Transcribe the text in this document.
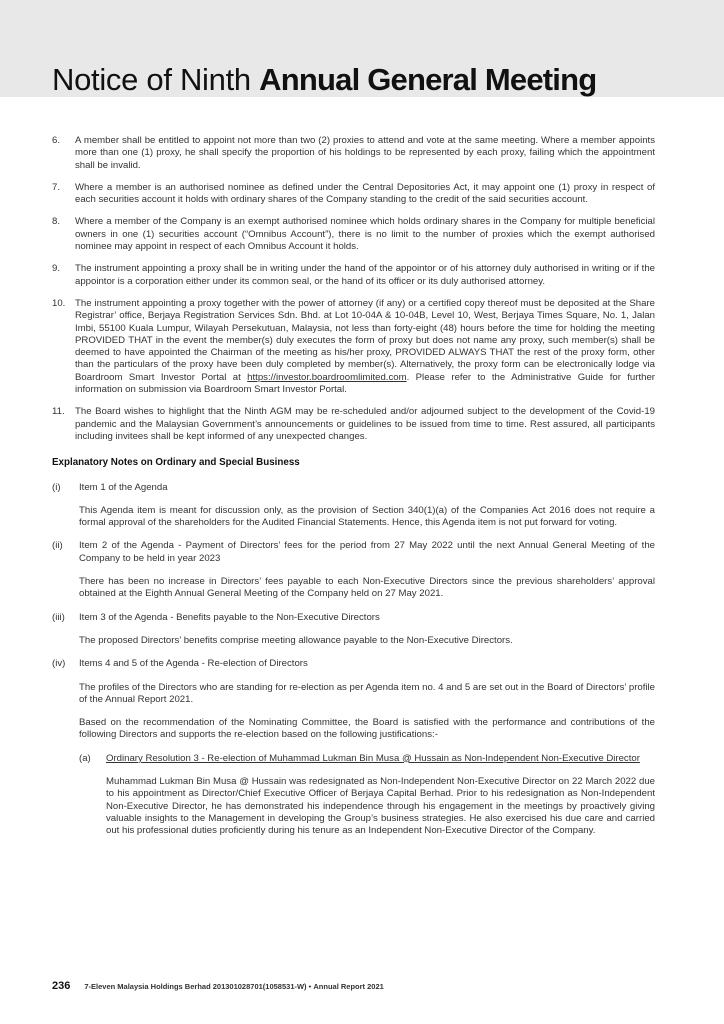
Notice of Ninth Annual General Meeting
6.	A member shall be entitled to appoint not more than two (2) proxies to attend and vote at the same meeting. Where a member appoints more than one (1) proxy, he shall specify the proportion of his holdings to be represented by each proxy, failing which the appointment shall be invalid.
7.	Where a member is an authorised nominee as defined under the Central Depositories Act, it may appoint one (1) proxy in respect of each securities account it holds with ordinary shares of the Company standing to the credit of the said securities account.
8.	Where a member of the Company is an exempt authorised nominee which holds ordinary shares in the Company for multiple beneficial owners in one (1) securities account (“Omnibus Account”), there is no limit to the number of proxies which the exempt authorised nominee may appoint in respect of each Omnibus Account it holds.
9.	The instrument appointing a proxy shall be in writing under the hand of the appointor or of his attorney duly authorised in writing or if the appointor is a corporation either under its common seal, or the hand of its officer or its duly authorised attorney.
10.	The instrument appointing a proxy together with the power of attorney (if any) or a certified copy thereof must be deposited at the Share Registrar’ office, Berjaya Registration Services Sdn. Bhd. at Lot 10-04A & 10-04B, Level 10, West, Berjaya Times Square, No. 1, Jalan Imbi, 55100 Kuala Lumpur, Wilayah Persekutuan, Malaysia, not less than forty-eight (48) hours before the time for holding the meeting PROVIDED THAT in the event the member(s) duly executes the form of proxy but does not name any proxy, such member(s) shall be deemed to have appointed the Chairman of the meeting as his/her proxy, PROVIDED ALWAYS THAT the rest of the proxy form, other than the particulars of the proxy have been duly completed by member(s). Alternatively, the proxy form can be electronically lodge via Boardroom Smart Investor Portal at https://investor.boardroomlimited.com. Please refer to the Administrative Guide for further information on submission via Boardroom Smart Investor Portal.
11.	The Board wishes to highlight that the Ninth AGM may be re-scheduled and/or adjourned subject to the development of the Covid-19 pandemic and the Malaysian Government’s announcements or guidelines to be issued from time to time. Rest assured, all participants including invitees shall be kept informed of any unexpected changes.
Explanatory Notes on Ordinary and Special Business
(i)	Item 1 of the Agenda
This Agenda item is meant for discussion only, as the provision of Section 340(1)(a) of the Companies Act 2016 does not require a formal approval of the shareholders for the Audited Financial Statements. Hence, this Agenda item is not put forward for voting.
(ii)	Item 2 of the Agenda - Payment of Directors’ fees for the period from 27 May 2022 until the next Annual General Meeting of the Company to be held in year 2023
There has been no increase in Directors’ fees payable to each Non-Executive Directors since the previous shareholders’ approval obtained at the Eighth Annual General Meeting of the Company held on 27 May 2021.
(iii)	Item 3 of the Agenda - Benefits payable to the Non-Executive Directors
The proposed Directors’ benefits comprise meeting allowance payable to the Non-Executive Directors.
(iv)	Items 4 and 5 of the Agenda - Re-election of Directors
The profiles of the Directors who are standing for re-election as per Agenda item no. 4 and 5 are set out in the Board of Directors’ profile of the Annual Report 2021.
Based on the recommendation of the Nominating Committee, the Board is satisfied with the performance and contributions of the following Directors and supports the re-election based on the following justifications:-
(a)	Ordinary Resolution 3 - Re-election of Muhammad Lukman Bin Musa @ Hussain as Non-Independent Non-Executive Director
Muhammad Lukman Bin Musa @ Hussain was redesignated as Non-Independent Non-Executive Director on 22 March 2022 due to his appointment as Director/Chief Executive Officer of Berjaya Capital Berhad. Prior to his redesignation as Non-Independent Non-Executive Director, he has demonstrated his independence through his engagement in the meetings by proactively giving valuable insights to the Management in developing the Group’s business strategies. He also exercised his due care and carried out his professional duties proficiently during his tenure as an Independent Non-Executive Director of the Company.
236 7-Eleven Malaysia Holdings Berhad 201301028701(1058531-W) • Annual Report 2021
